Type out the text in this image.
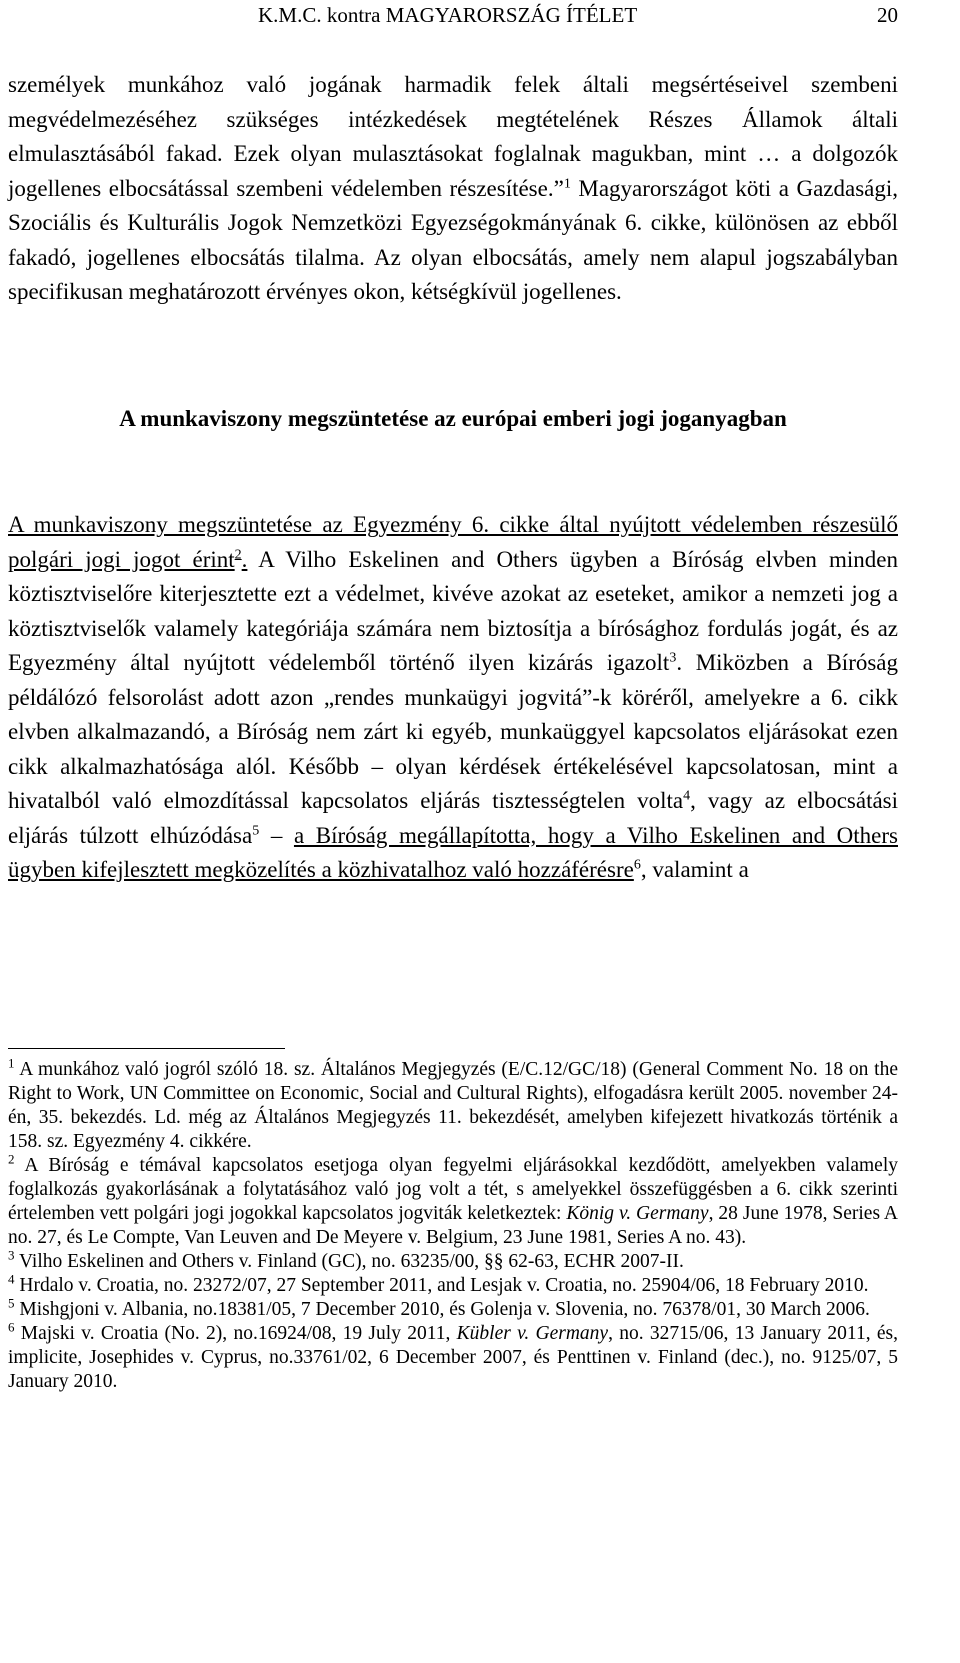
K.M.C. kontra MAGYARORSZÁG ÍTÉLET	20
személyek munkához való jogának harmadik felek általi megsértéseivel szembeni megvédelmezéséhez szükséges intézkedések megtételének Részes Államok általi elmulasztásából fakad. Ezek olyan mulasztásokat foglalnak magukban, mint … a dolgozók jogellenes elbocsátással szembeni védelemben részesítése.”$^1$ Magyarországot köti a Gazdasági, Szociális és Kulturális Jogok Nemzetközi Egyezségokmányának 6. cikke, különösen az ebből fakadó, jogellenes elbocsátás tilalma. Az olyan elbocsátás, amely nem alapul jogszabályban specifikusan meghatározott érvényes okon, kétségkívül jogellenes.
A munkaviszony megszüntetése az európai emberi jogi joganyagban
A munkaviszony megszüntetése az Egyezmény 6. cikke által nyújtott védelemben részesülő polgári jogi jogot érint$^2$. A Vilho Eskelinen and Others ügyben a Bíróság elvben minden köztisztviselőre kiterjesztette ezt a védelmet, kivéve azokat az eseteket, amikor a nemzeti jog a köztisztviselők valamely kategóriája számára nem biztosítja a bírósághoz fordulás jogát, és az Egyezmény által nyújtott védelemből történő ilyen kizárás igazolt$^3$. Miközben a Bíróság példálózó felsorolást adott azon „rendes munkaügyi jogvitá”-k köréről, amelyekre a 6. cikk elvben alkalmazandó, a Bíróság nem zárt ki egyéb, munkaüggyel kapcsolatos eljárásokat ezen cikk alkalmazhatósága alól. Később – olyan kérdések értékelésével kapcsolatosan, mint a hivatalból való elmozdítással kapcsolatos eljárás tisztességtelen volta$^4$, vagy az elbocsátási eljárás túlzott elhúzódása$^5$ – a Bíróság megállapította, hogy a Vilho Eskelinen and Others ügyben kifejlesztett megközelítés a közhivatalhoz való hozzáférésre$^6$, valamint a

$^1$ A munkához való jogról szóló 18. sz. Általános Megjegyzés (E/C.12/GC/18) (General Comment No. 18 on the Right to Work, UN Committee on Economic, Social and Cultural Rights), elfogadásra került 2005. november 24-én, 35. bekezdés. Ld. még az Általános Megjegyzés 11. bekezdését, amelyben kifejezett hivatkozás történik a 158. sz. Egyezmény 4. cikkére.

$^2$ A Bíróság e témával kapcsolatos esetjoga olyan fegyelmi eljárásokkal kezdődött, amelyekben valamely foglalkozás gyakorlásának a folytatásához való jog volt a tét, s amelyekkel összefüggésben a 6. cikk szerinti értelemben vett polgári jogi jogokkal kapcsolatos jogviták keletkeztek: König v. Germany, 28 June 1978, Series A no. 27, és Le Compte, Van Leuven and De Meyere v. Belgium, 23 June 1981, Series A no. 43).

$^3$ Vilho Eskelinen and Others v. Finland (GC), no. 63235/00, §§ 62-63, ECHR 2007-II.

$^4$ Hrdalo v. Croatia, no. 23272/07, 27 September 2011, and Lesjak v. Croatia, no. 25904/06, 18 February 2010.

$^5$ Mishgjoni v. Albania, no.18381/05, 7 December 2010, és Golenja v. Slovenia, no. 76378/01, 30 March 2006.

$^6$ Majski v. Croatia (No. 2), no.16924/08, 19 July 2011, Kübler v. Germany, no. 32715/06, 13 January 2011, és, implicite, Josephides v. Cyprus, no.33761/02, 6 December 2007, és Penttinen v. Finland (dec.), no. 9125/07, 5 January 2010.
